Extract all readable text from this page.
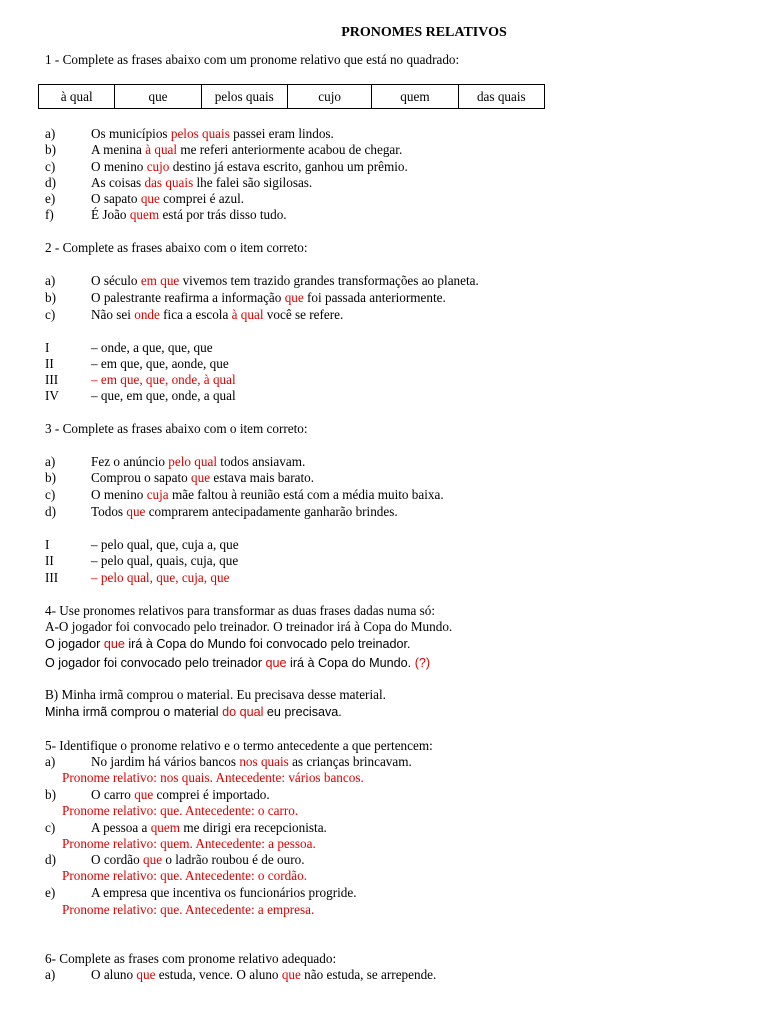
PRONOMES RELATIVOS
1 - Complete as frases abaixo com um pronome relativo que está no quadrado:
à qual	que	pelos quais	cujo	quem	das quais
a)	Os municípios pelos quais passei eram lindos.
b)	A menina à qual me referi anteriormente acabou de chegar.
c)	O menino cujo destino já estava escrito, ganhou um prêmio.
d)	As coisas das quais lhe falei são sigilosas.
e)	O sapato que comprei é azul.
f)	É João quem está por trás disso tudo.
2 - Complete as frases abaixo com o item correto:
a)	O século em que vivemos tem trazido grandes transformações ao planeta.
b)	O palestrante reafirma a informação que foi passada anteriormente.
c)	Não sei onde fica a escola à qual você se refere.
I	– onde, a que, que, que
II	– em que, que, aonde, que
III – em que, que, onde, à qual
IV – que, em que, onde, a qual
3 - Complete as frases abaixo com o item correto:
a)	Fez o anúncio pelo qual todos ansiavam.
b)	Comprou o sapato que estava mais barato.
c)	O menino cuja mãe faltou à reunião está com a média muito baixa.
d)	Todos que comprarem antecipadamente ganharão brindes.
I	– pelo qual, que, cuja a, que
II	– pelo qual, quais, cuja, que
III – pelo qual, que, cuja, que
4- Use pronomes relativos para transformar as duas frases dadas numa só:
A-O jogador foi convocado pelo treinador. O treinador irá à Copa do Mundo.
O jogador que irá à Copa do Mundo foi convocado pelo treinador.
O jogador foi convocado pelo treinador que irá à Copa do Mundo. (?)
B) Minha irmã comprou o material. Eu precisava desse material.
Minha irmã comprou o material do qual eu precisava.
5- Identifique o pronome relativo e o termo antecedente a que pertencem:
a)	No jardim há vários bancos nos quais as crianças brincavam.
Pronome relativo: nos quais. Antecedente: vários bancos.
b)	O carro que comprei é importado.
Pronome relativo: que. Antecedente: o carro.
c)	A pessoa a quem me dirigi era recepcionista.
Pronome relativo: quem. Antecedente: a pessoa.
d)	O cordão que o ladrão roubou é de ouro.
Pronome relativo: que. Antecedente: o cordão.
e)	A empresa que incentiva os funcionários progride.
Pronome relativo: que. Antecedente: a empresa.
6- Complete as frases com pronome relativo adequado:
a)	O aluno que estuda, vence. O aluno que não estuda, se arrepende.
